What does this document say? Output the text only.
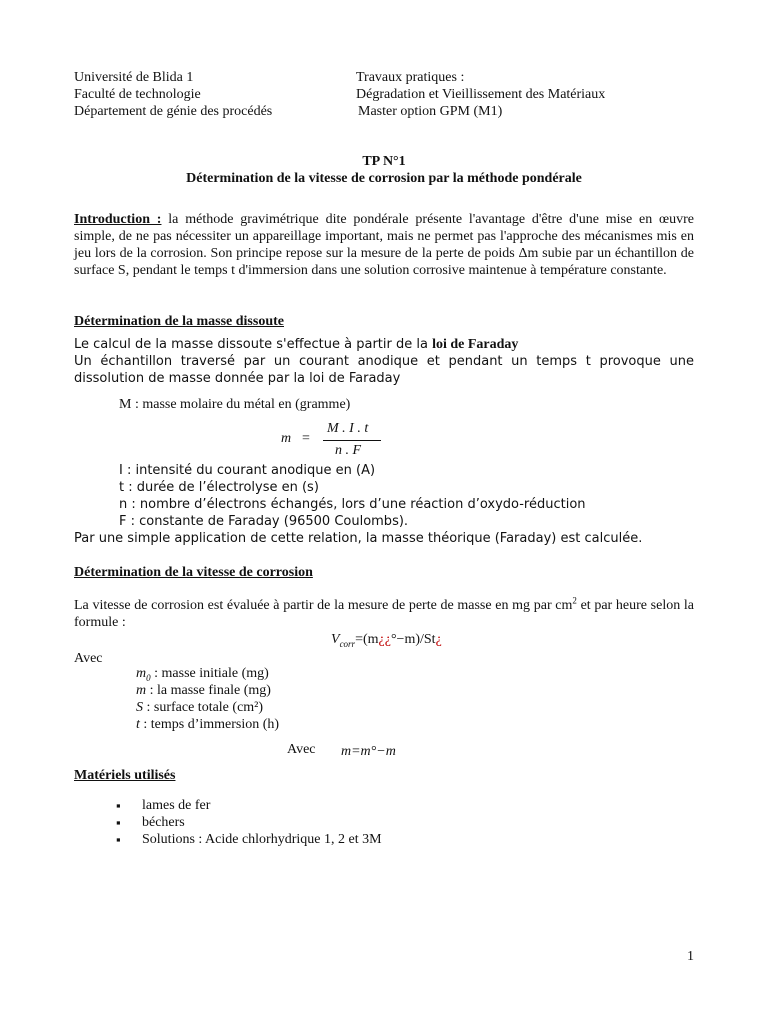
Université de Blida 1
Faculté de technologie
Département de génie des procédés
Travaux pratiques :
Dégradation et Vieillissement des Matériaux
Master option GPM (M1)
TP N°1
Détermination de la vitesse de corrosion par la méthode pondérale
Introduction : la méthode gravimétrique dite pondérale présente l'avantage d'être d'une mise en œuvre simple, de ne pas nécessiter un appareillage important, mais ne permet pas l'approche des mécanismes mis en jeu lors de la corrosion. Son principe repose sur la mesure de la perte de poids Δm subie par un échantillon de surface S, pendant le temps t d'immersion dans une solution corrosive maintenue à température constante.
Détermination de la masse dissoute
Le calcul de la masse dissoute s'effectue à partir de la loi de Faraday
Un échantillon traversé par un courant anodique et pendant un temps t provoque une dissolution de masse donnée par la loi de Faraday
M : masse molaire du métal en (gramme)
m =
M . I . t
n . F
I : intensité du courant anodique en (A)
t : durée de l’électrolyse en (s)
n : nombre d’électrons échangés, lors d’une réaction d’oxydo-réduction
F : constante de Faraday (96500 Coulombs).
Par une simple application de cette relation, la masse théorique (Faraday) est calculée.
Détermination de la vitesse de corrosion
La vitesse de corrosion est évaluée à partir de la mesure de perte de masse en mg par $cm^2$ et par heure selon la formule :
$V_{corr}=(m¿¿^\circ-m)/St¿$
Avec
$m_0$ : masse initiale (mg)
m : la masse finale (mg)
S : surface totale (cm²)
t : temps d’immersion (h)
Avec m=m°−m
Matériels utilisés
▪ lames de fer
▪ béchers
▪ Solutions : Acide chlorhydrique 1, 2 et 3M
1
